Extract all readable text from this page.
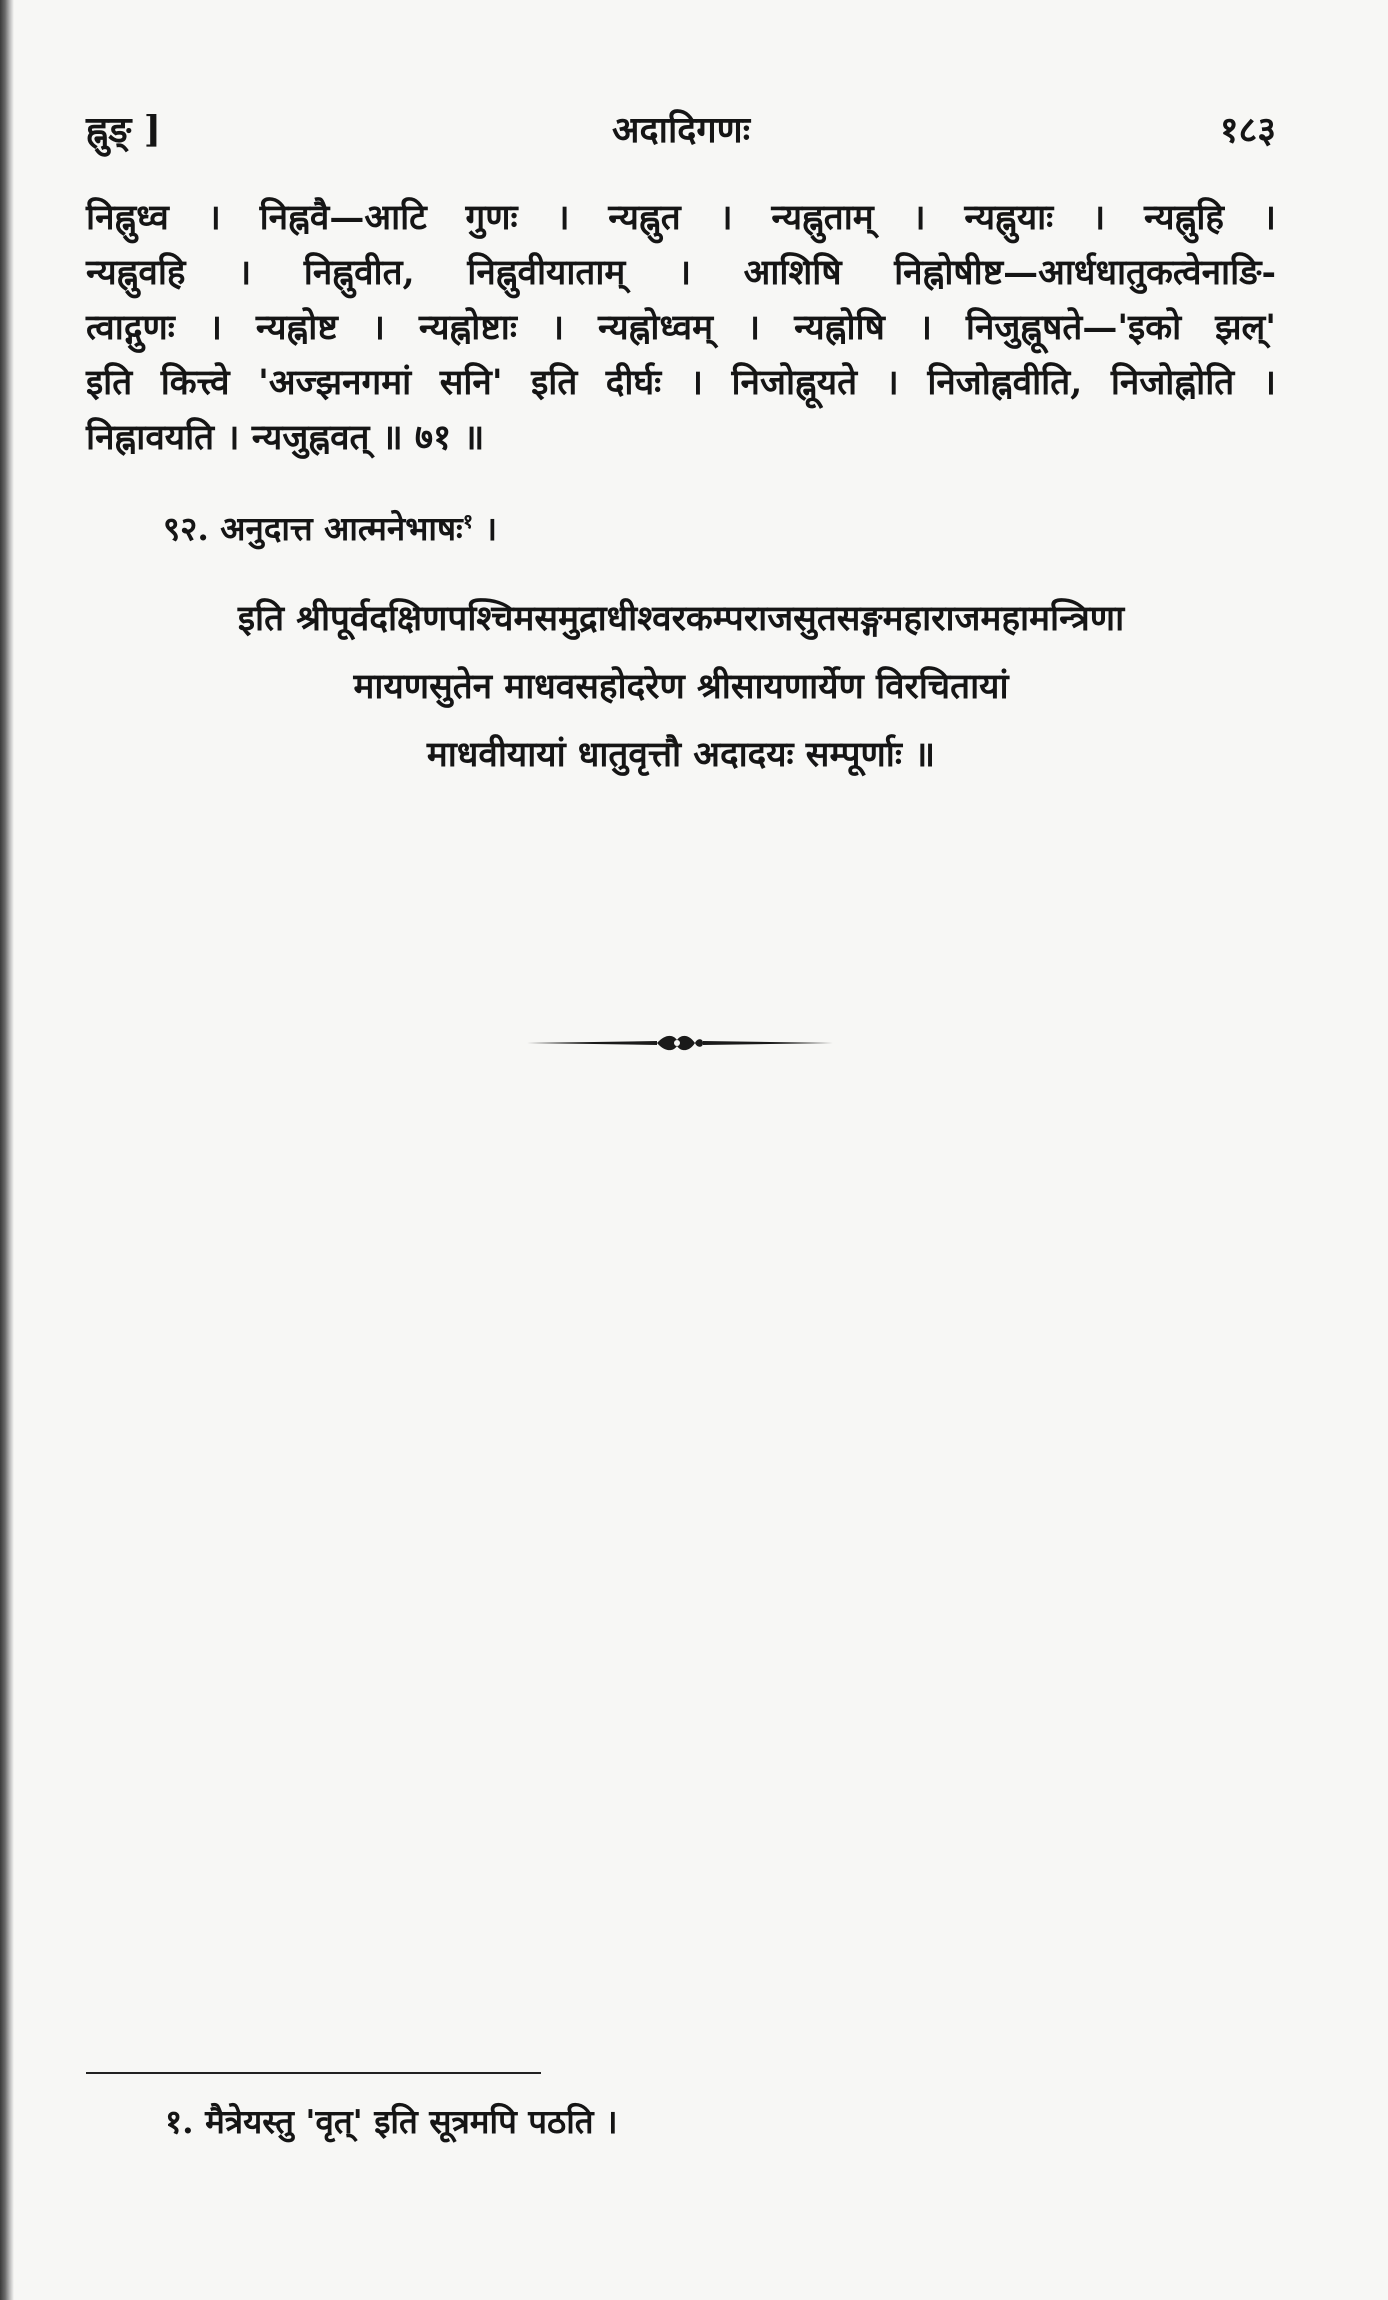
ह्नुङ् ]	अदादिगणः	१८३
निह्नुध्व । निह्नवै—आटि गुणः । न्यह्नुत । न्यह्नुताम् । न्यह्नुयाः । न्यह्नुहि ।
न्यह्नुवहि । निह्नुवीत, निह्नुवीयाताम् । आशिषि निह्नोषीष्ट—आर्धधातुकत्वेनाङि-
त्वाद्गुणः । न्यह्नोष्ट । न्यह्नोष्टाः । न्यह्नोध्वम् । न्यह्नोषि । निजुह्नूषते—'इको झल्'
इति कित्त्वे 'अज्झनगमां सनि' इति दीर्घः । निजोह्नूयते । निजोह्नवीति, निजोह्नोति ।
निह्नावयति । न्यजुह्नवत् ॥ ७१ ॥
९२. अनुदात्त आत्मनेभाषः$^१$ ।
इति श्रीपूर्वदक्षिणपश्चिमसमुद्राधीश्वरकम्पराजसुतसङ्गमहाराजमहामन्त्रिणा
मायणसुतेन माधवसहोदरेण श्रीसायणार्येण विरचितायां
माधवीयायां धातुवृत्तौ अदादयः सम्पूर्णाः ॥
१. मैत्रेयस्तु 'वृत्' इति सूत्रमपि पठति ।
